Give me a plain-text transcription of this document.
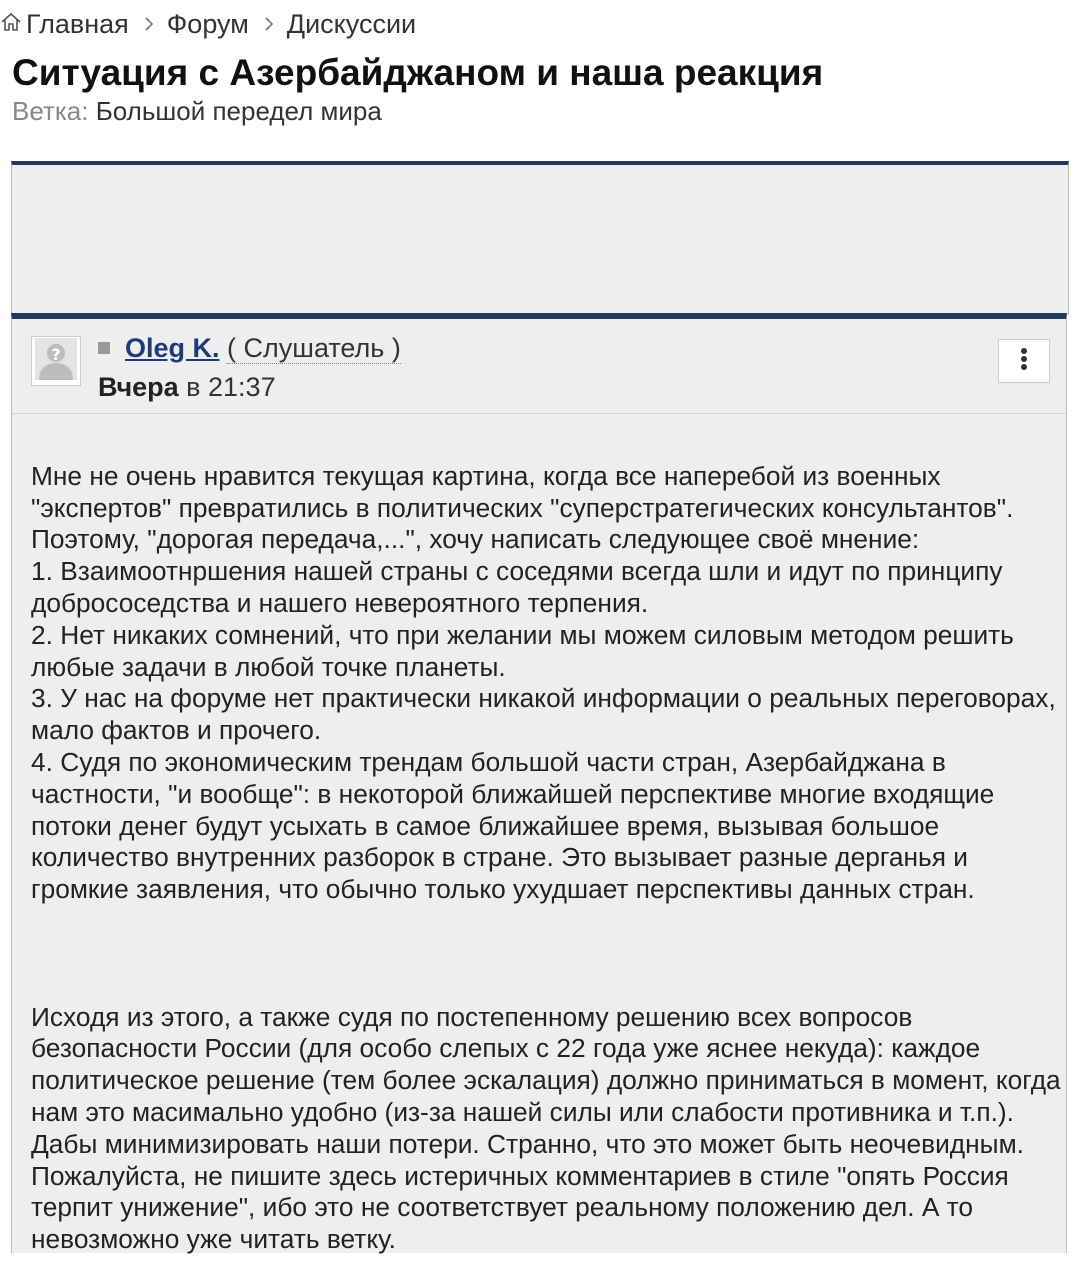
Главная Форум Дискуссии
Ситуация с Азербайджаном и наша реакция
Ветка: Большой передел мира
? Oleg K. ( Слушатель )
Вчера в 21:37

Мне не очень нравится текущая картина, когда все наперебой из военных "экспертов" превратились в политических "суперстратегических консультантов". Поэтому, "дорогая передача,...", хочу написать следующее своё мнение:
1. Взаимоотнршения нашей страны с соседями всегда шли и идут по принципу добрососедства и нашего невероятного терпения.
2. Нет никаких сомнений, что при желании мы можем силовым методом решить любые задачи в любой точке планеты.
3. У нас на форуме нет практически никакой информации о реальных переговорах, мало фактов и прочего.
4. Судя по экономическим трендам большой части стран, Азербайджана в частности, "и вообще": в некоторой ближайшей перспективе многие входящие потоки денег будут усыхать в самое ближайшее время, вызывая большое количество внутренних разборок в стране. Это вызывает разные дерганья и громкие заявления, что обычно только ухудшает перспективы данных стран.

Исходя из этого, а также судя по постепенному решению всех вопросов безопасности России (для особо слепых с 22 года уже яснее некуда): каждое политическое решение (тем более эскалация) должно приниматься в момент, когда нам это масимально удобно (из-за нашей силы или слабости противника и т.п.). Дабы минимизировать наши потери. Странно, что это может быть неочевидным. Пожалуйста, не пишите здесь истеричных комментариев в стиле "опять Россия терпит унижение", ибо это не соответствует реальному положению дел. А то невозможно уже читать ветку.
